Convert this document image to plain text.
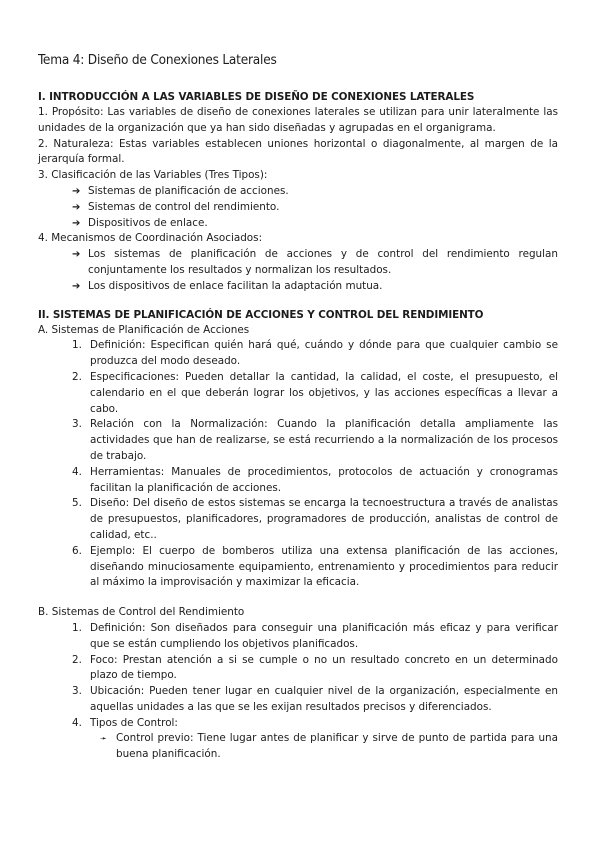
Tema 4: Diseño de Conexiones Laterales
I. INTRODUCCIÓN A LAS VARIABLES DE DISEÑO DE CONEXIONES LATERALES

1. Propósito: Las variables de diseño de conexiones laterales se utilizan para unir lateralmente las unidades de la organización que ya han sido diseñadas y agrupadas en el organigrama.

2. Naturaleza: Estas variables establecen uniones horizontal o diagonalmente, al margen de la jerarquía formal.

3. Clasificación de las Variables (Tres Tipos):

➔ Sistemas de planificación de acciones.

➔ Sistemas de control del rendimiento.

➔ Dispositivos de enlace.

4. Mecanismos de Coordinación Asociados:

➔ Los sistemas de planificación de acciones y de control del rendimiento regulan conjuntamente los resultados y normalizan los resultados.

➔ Los dispositivos de enlace facilitan la adaptación mutua.

II. SISTEMAS DE PLANIFICACIÓN DE ACCIONES Y CONTROL DEL RENDIMIENTO

A. Sistemas de Planificación de Acciones

1. Definición: Especifican quién hará qué, cuándo y dónde para que cualquier cambio se produzca del modo deseado.

2. Especificaciones: Pueden detallar la cantidad, la calidad, el coste, el presupuesto, el calendario en el que deberán lograr los objetivos, y las acciones específicas a llevar a cabo.

3. Relación con la Normalización: Cuando la planificación detalla ampliamente las actividades que han de realizarse, se está recurriendo a la normalización de los procesos de trabajo.

4. Herramientas: Manuales de procedimientos, protocolos de actuación y cronogramas facilitan la planificación de acciones.

5. Diseño: Del diseño de estos sistemas se encarga la tecnoestructura a través de analistas de presupuestos, planificadores, programadores de producción, analistas de control de calidad, etc..

6. Ejemplo: El cuerpo de bomberos utiliza una extensa planificación de las acciones, diseñando minuciosamente equipamiento, entrenamiento y procedimientos para reducir al máximo la improvisación y maximizar la eficacia.

B. Sistemas de Control del Rendimiento

1. Definición: Son diseñados para conseguir una planificación más eficaz y para verificar que se están cumpliendo los objetivos planificados.

2. Foco: Prestan atención a si se cumple o no un resultado concreto en un determinado plazo de tiempo.

3. Ubicación: Pueden tener lugar en cualquier nivel de la organización, especialmente en aquellas unidades a las que se les exijan resultados precisos y diferenciados.

4. Tipos de Control:

➛ Control previo: Tiene lugar antes de planificar y sirve de punto de partida para una buena planificación.
